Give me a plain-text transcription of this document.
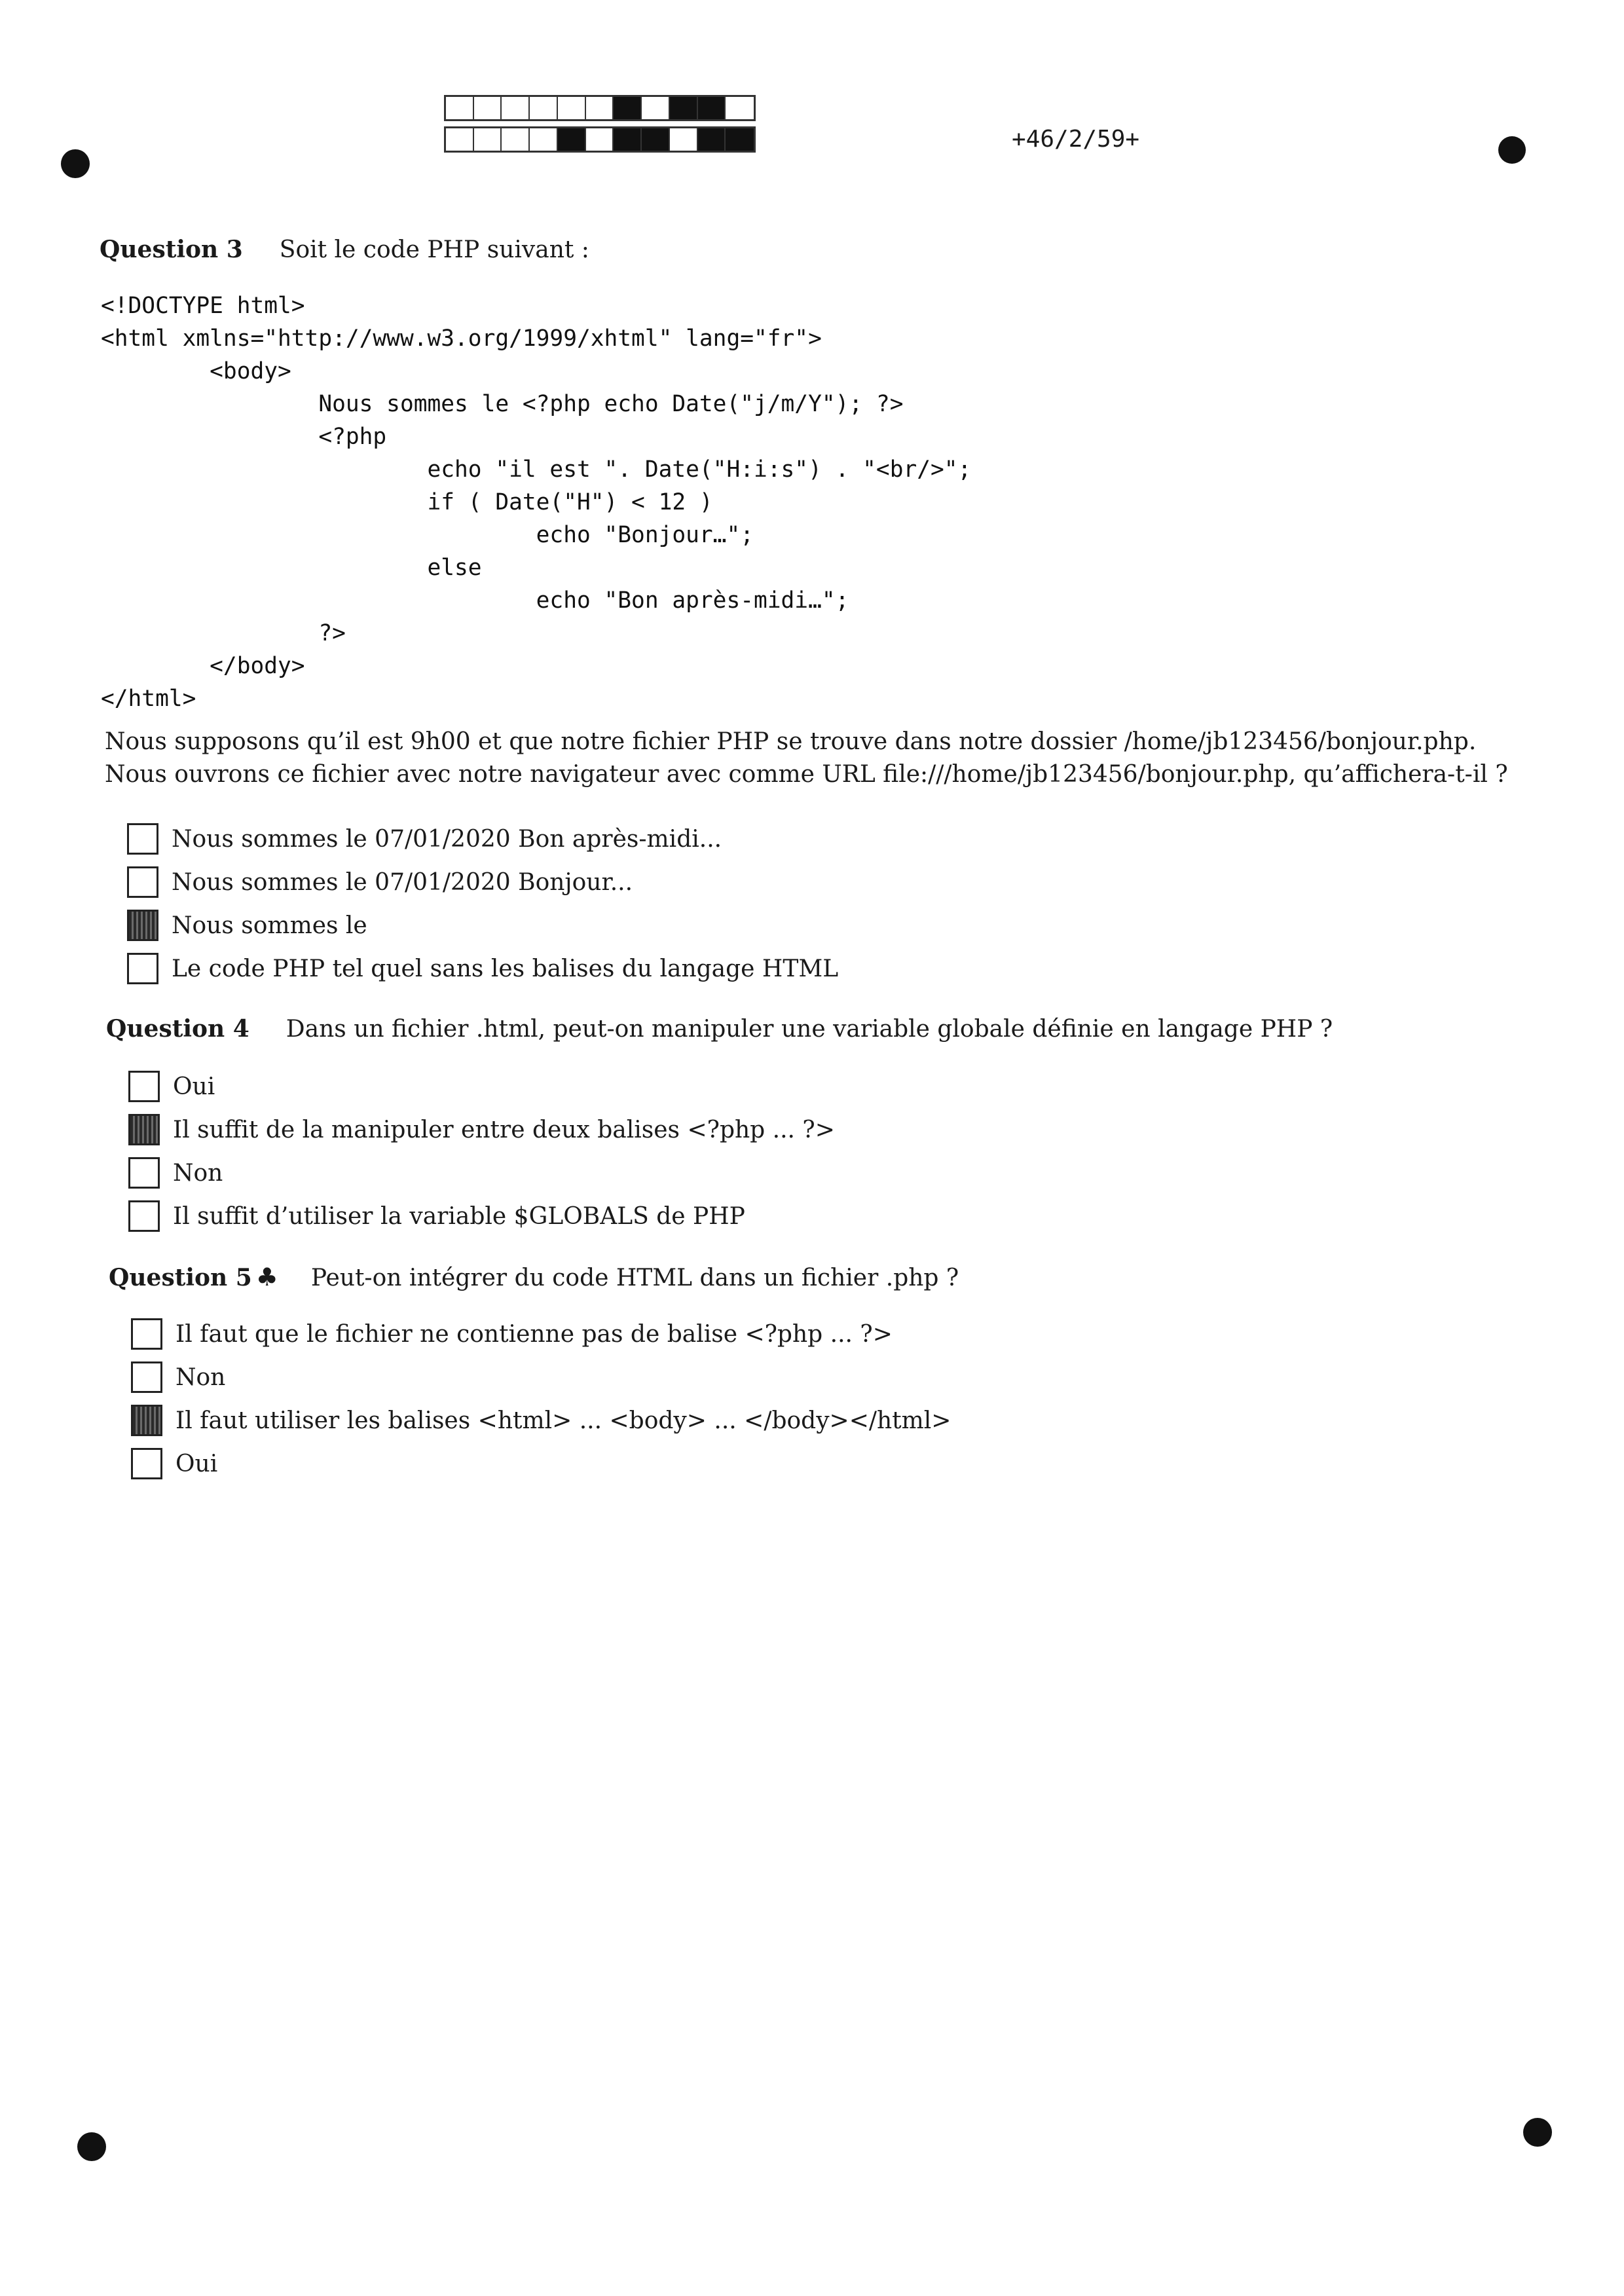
+46/2/59+
Question 3 Soit le code PHP suivant :
<!DOCTYPE html>
<html xmlns="http://www.w3.org/1999/xhtml" lang="fr">
<body>
Nous sommes le <?php echo Date("j/m/Y"); ?>
<?php
echo "il est ". Date("H:i:s") . "<br/>";
if ( Date("H") < 12 )
echo "Bonjour…";
else
echo "Bon après-midi…";
?>
</body>
</html>

Nous supposons qu’il est 9h00 et que notre fichier PHP se trouve dans notre dossier /home/jb123456/bonjour.php. Nous ouvrons ce fichier avec notre navigateur avec comme URL file:///home/jb123456/bonjour.php, qu’affichera-t-il ?

Nous sommes le 07/01/2020 Bon après-midi...
Nous sommes le 07/01/2020 Bonjour...
Nous sommes le
Le code PHP tel quel sans les balises du langage HTML
Question 4 Dans un fichier .html, peut-on manipuler une variable globale définie en langage PHP ?
Oui
Il suffit de la manipuler entre deux balises <?php ... ?>
Non
Il suffit d’utiliser la variable $GLOBALS de PHP
Question 5 ♣ Peut-on intégrer du code HTML dans un fichier .php ?
Il faut que le fichier ne contienne pas de balise <?php ... ?>
Non
Il faut utiliser les balises <html> ... <body> ... </body></html>
Oui
